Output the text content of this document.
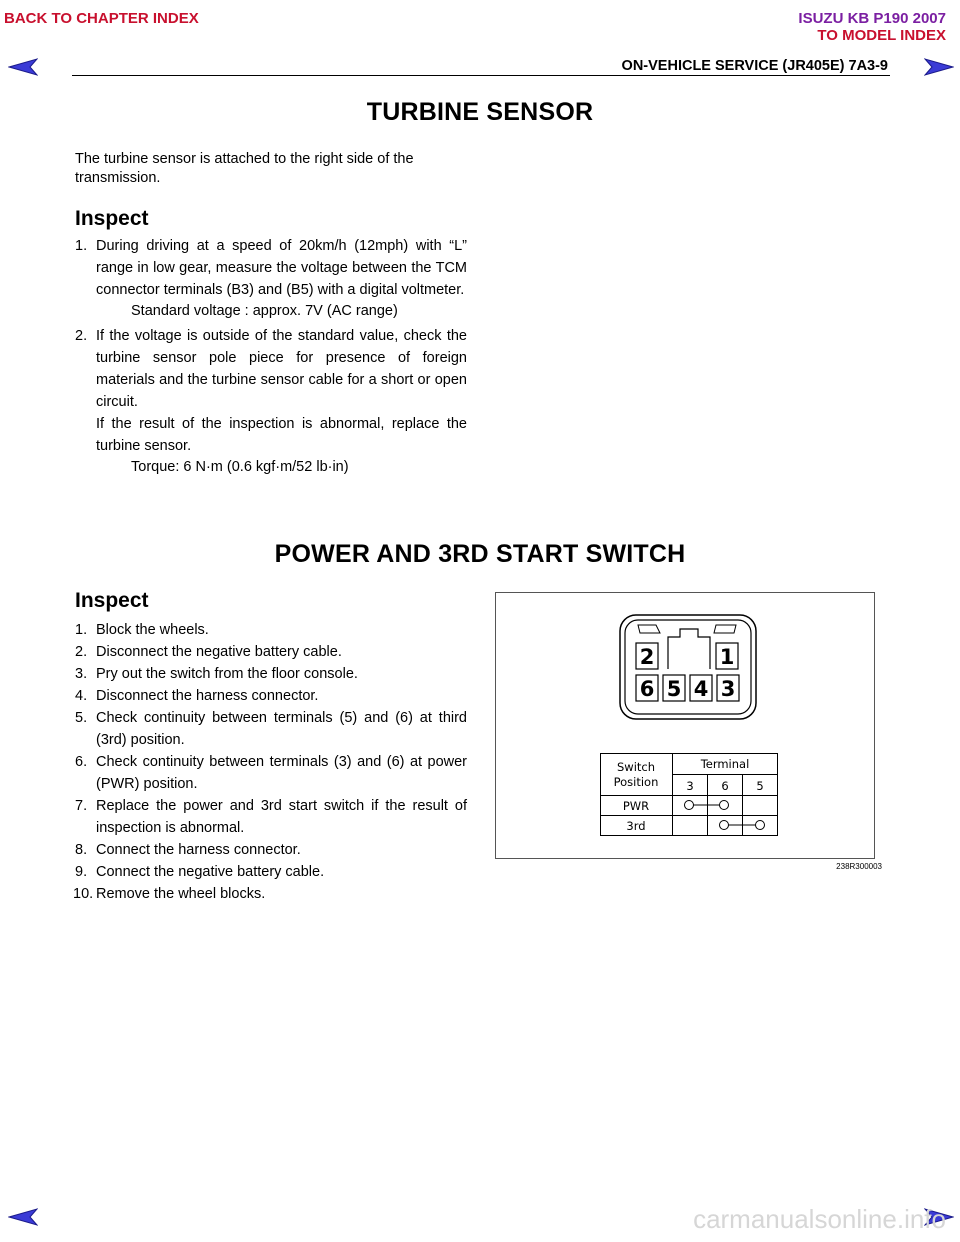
BACK TO CHAPTER INDEX	ISUZU KB P190 2007
TO MODEL INDEX
ON-VEHICLE SERVICE (JR405E) 7A3-9
TURBINE SENSOR
The turbine sensor is attached to the right side of the transmission.
Inspect
1. During driving at a speed of 20km/h (12mph) with “L” range in low gear, measure the voltage between the TCM connector terminals (B3) and (B5) with a digital voltmeter.
Standard voltage : approx. 7V (AC range)
2. If the voltage is outside of the standard value, check the turbine sensor pole piece for presence of foreign materials and the turbine sensor cable for a short or open circuit.
If the result of the inspection is abnormal, replace the turbine sensor.
Torque: 6 N·m (0.6 kgf·m/52 lb·in)
POWER AND 3RD START SWITCH
Inspect
1. Block the wheels.
2. Disconnect the negative battery cable.
3. Pry out the switch from the floor console.
4. Disconnect the harness connector.
5. Check continuity between terminals (5) and (6) at third (3rd) position.
6. Check continuity between terminals (3) and (6) at power (PWR) position.
7. Replace the power and 3rd start switch if the result of inspection is abnormal.
8. Connect the harness connector.
9. Connect the negative battery cable.
10. Remove the wheel blocks.
2	1
6 5 4 3
Switch
Position
Terminal
3 6 5
PWR
3rd
238R300003
carmanualsonline.info
